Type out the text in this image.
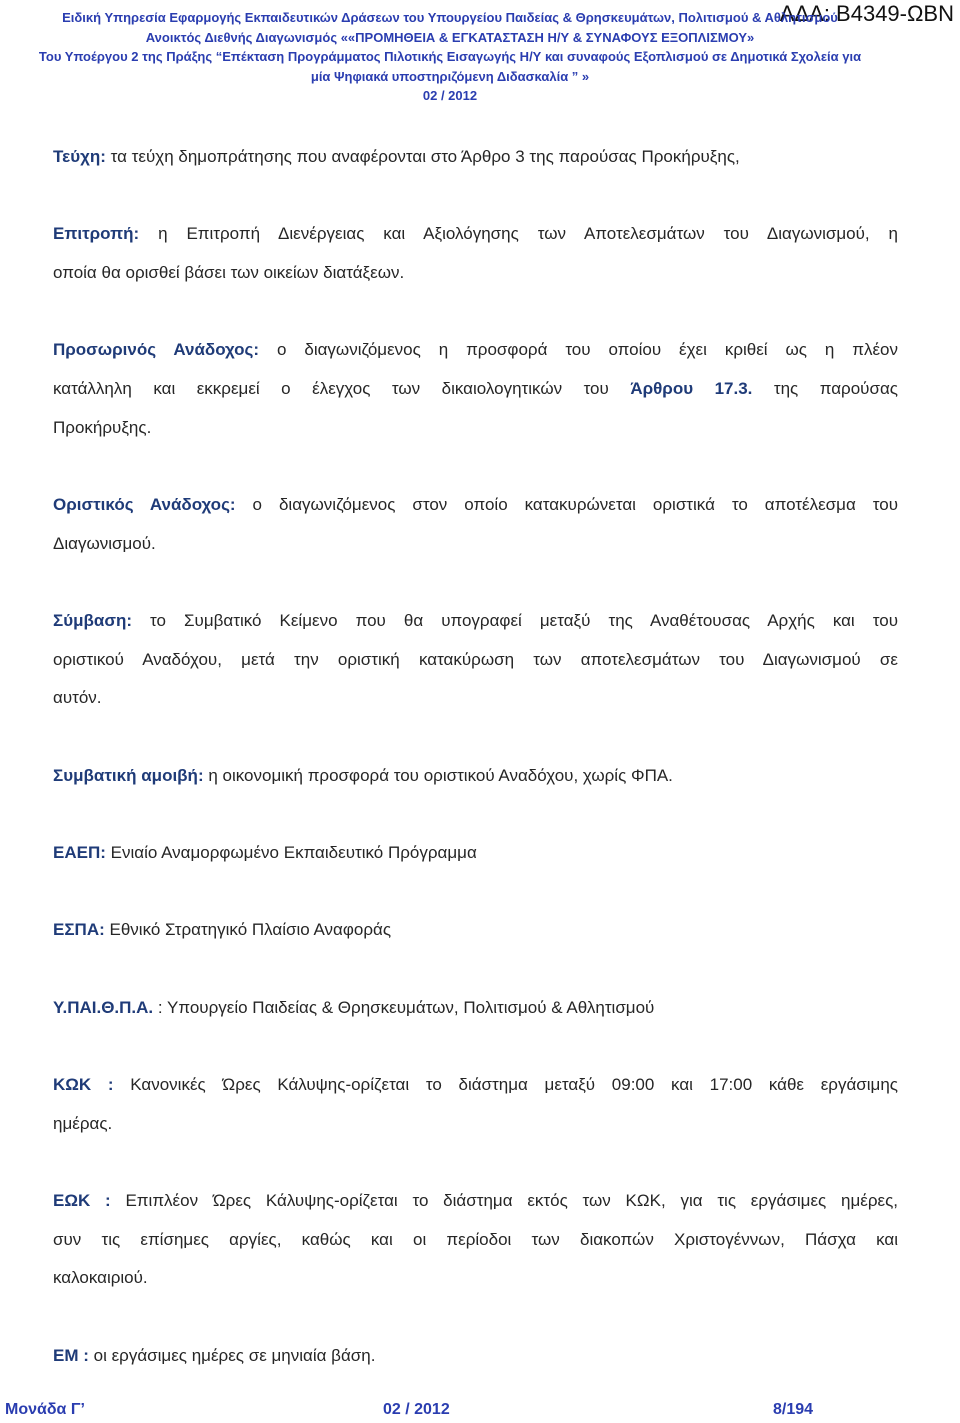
ΑΔΑ: Β4349-ΩΒΝ
Ειδική Υπηρεσία Εφαρμογής Εκπαιδευτικών Δράσεων του Υπουργείου Παιδείας & Θρησκευμάτων, Πολιτισμού & Αθλητισμού
Ανοικτός Διεθνής Διαγωνισμός ««ΠΡΟΜΗΘΕΙΑ & ΕΓΚΑΤΑΣΤΑΣΗ Η/Υ & ΣΥΝΑΦΟΥΣ ΕΞΟΠΛΙΣΜΟΥ»
Του Υποέργου 2 της Πράξης “Επέκταση Προγράμματος Πιλοτικής Εισαγωγής Η/Υ και συναφούς Εξοπλισμού σε Δημοτικά Σχολεία για
μία Ψηφιακά υποστηριζόμενη Διδασκαλία ” »
02 / 2012
Τεύχη: τα τεύχη δημοπράτησης που αναφέρονται στο Άρθρο 3 της παρούσας Προκήρυξης,
Επιτροπή: η Επιτροπή Διενέργειας και Αξιολόγησης των Αποτελεσμάτων του Διαγωνισμού, η
οποία θα ορισθεί βάσει των οικείων διατάξεων.
Προσωρινός Ανάδοχος: ο διαγωνιζόμενος η προσφορά του οποίου έχει κριθεί ως η πλέον
κατάλληλη και εκκρεμεί ο έλεγχος των δικαιολογητικών του Άρθρου 17.3. της παρούσας
Προκήρυξης.
Οριστικός Ανάδοχος: ο διαγωνιζόμενος στον οποίο κατακυρώνεται οριστικά το αποτέλεσμα του
Διαγωνισμού.
Σύμβαση: το Συμβατικό Κείμενο που θα υπογραφεί μεταξύ της Αναθέτουσας Αρχής και του
οριστικού Αναδόχου, μετά την οριστική κατακύρωση των αποτελεσμάτων του Διαγωνισμού σε
αυτόν.
Συμβατική αμοιβή: η οικονομική προσφορά του οριστικού Αναδόχου, χωρίς ΦΠΑ.
ΕΑΕΠ: Ενιαίο Αναμορφωμένο Εκπαιδευτικό Πρόγραμμα
ΕΣΠΑ: Εθνικό Στρατηγικό Πλαίσιο Αναφοράς
Υ.ΠΑΙ.Θ.Π.Α. : Υπουργείο Παιδείας & Θρησκευμάτων, Πολιτισμού & Αθλητισμού
ΚΩΚ : Κανονικές Ώρες Κάλυψης-ορίζεται το διάστημα μεταξύ 09:00 και 17:00 κάθε εργάσιμης
ημέρας.
ΕΩΚ : Επιπλέον Ώρες Κάλυψης-ορίζεται το διάστημα εκτός των ΚΩΚ, για τις εργάσιμες ημέρες,
συν τις επίσημες αργίες, καθώς και οι περίοδοι των διακοπών Χριστογέννων, Πάσχα και
καλοκαιριού.
ΕΜ : οι εργάσιμες ημέρες σε μηνιαία βάση.
Μονάδα Γ’	02 / 2012	8/194
